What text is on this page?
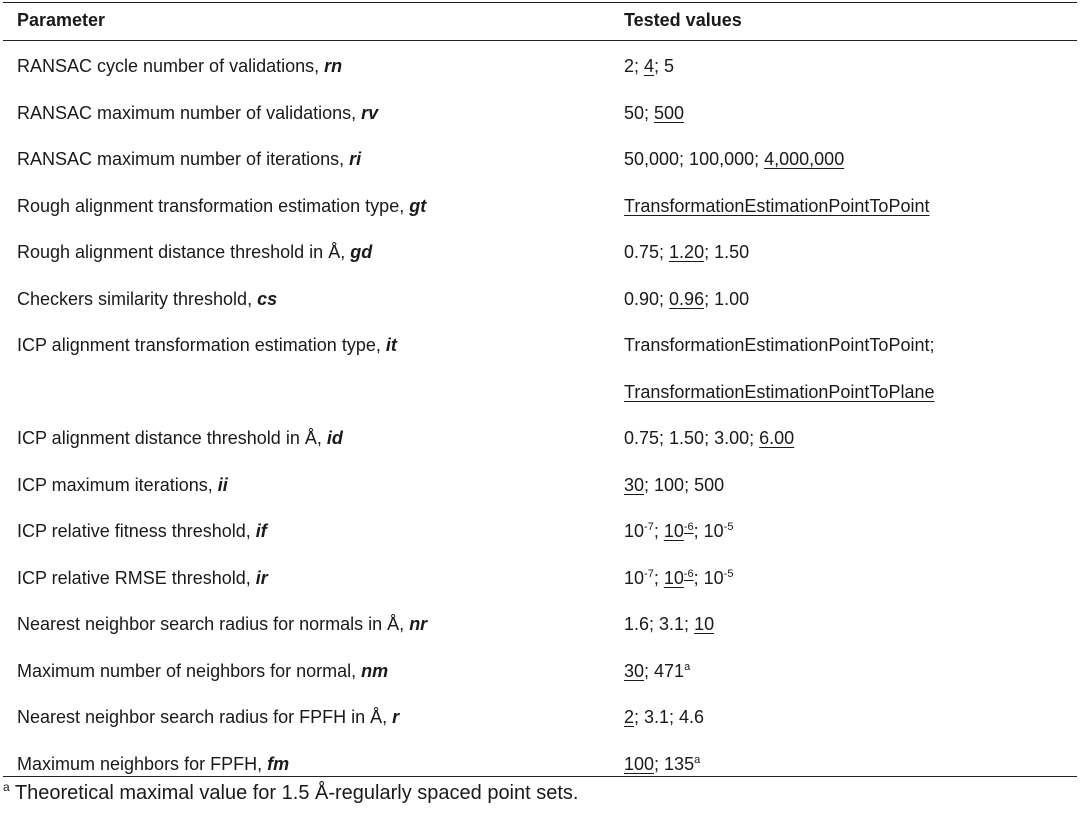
Parameter	Tested values
RANSAC cycle number of validations, rn	2; 4; 5
RANSAC maximum number of validations, rv	50; 500
RANSAC maximum number of iterations, ri	50,000; 100,000; 4,000,000
Rough alignment transformation estimation type, gt	TransformationEstimationPointToPoint
Rough alignment distance threshold in Å, gd	0.75; 1.20; 1.50
Checkers similarity threshold, cs	0.90; 0.96; 1.00
ICP alignment transformation estimation type, it	TransformationEstimationPointToPoint;
TransformationEstimationPointToPlane
ICP alignment distance threshold in Å, id	0.75; 1.50; 3.00; 6.00
ICP maximum iterations, ii	30; 100; 500
ICP relative fitness threshold, if	$10^{-7}$; $10^{-6}$; $10^{-5}$
ICP relative RMSE threshold, ir	$10^{-7}$; $10^{-6}$; $10^{-5}$
Nearest neighbor search radius for normals in Å, nr	1.6; 3.1; 10
Maximum number of neighbors for normal, nm	30; 471$^a$
Nearest neighbor search radius for FPFH in Å, r	2; 3.1; 4.6
Maximum neighbors for FPFH, fm	100; 135$^a$
$^a$ Theoretical maximal value for 1.5 Å-regularly spaced point sets.
